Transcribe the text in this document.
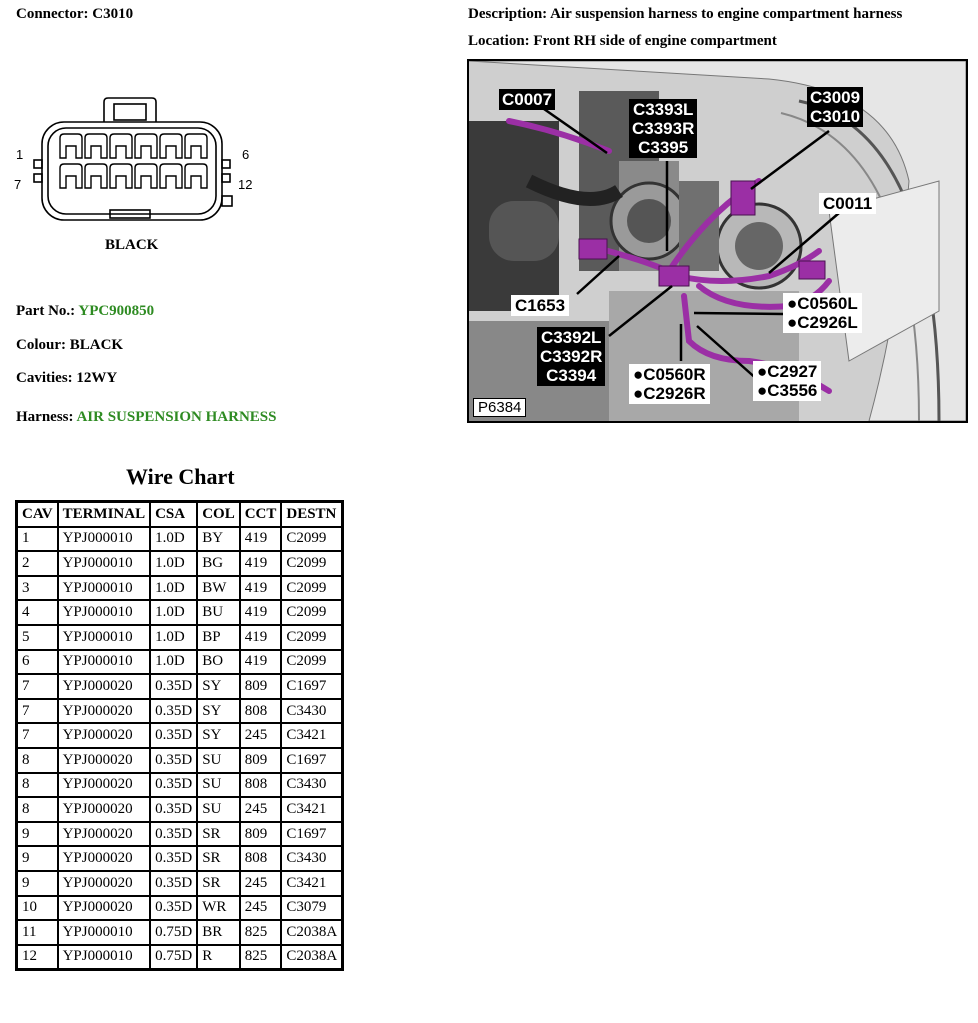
Connector: C3010	Description: Air suspension harness to engine compartment harness
Location: Front RH side of engine compartment
1
7
6
12
BLACK
Part No.: YPC900850
Colour: BLACK
Cavities: 12WY
Harness: AIR SUSPENSION HARNESS
C0007
C3393L
C3393R
C3395
C3009
C3010
C0011
C1653	●C0560L
●C2926L
C3392L
C3392R
C3394	●C0560R
●C2926R
●C2927
●C3556
P6384
Wire Chart
CAV	TERMINAL	CSA	COL	CCT	DESTN
1	YPJ000010	1.0D	BY	419	C2099
2	YPJ000010	1.0D	BG	419	C2099
3	YPJ000010	1.0D	BW	419	C2099
4	YPJ000010	1.0D	BU	419	C2099
5	YPJ000010	1.0D	BP	419	C2099
6	YPJ000010	1.0D	BO	419	C2099
7	YPJ000020	0.35D	SY	809	C1697
7	YPJ000020	0.35D	SY	808	C3430
7	YPJ000020	0.35D	SY	245	C3421
8	YPJ000020	0.35D	SU	809	C1697
8	YPJ000020	0.35D	SU	808	C3430
8	YPJ000020	0.35D	SU	245	C3421
9	YPJ000020	0.35D	SR	809	C1697
9	YPJ000020	0.35D	SR	808	C3430
9	YPJ000020	0.35D	SR	245	C3421
10	YPJ000020	0.35D	WR	245	C3079
11	YPJ000010	0.75D	BR	825	C2038A
12	YPJ000010	0.75D	R	825	C2038A
